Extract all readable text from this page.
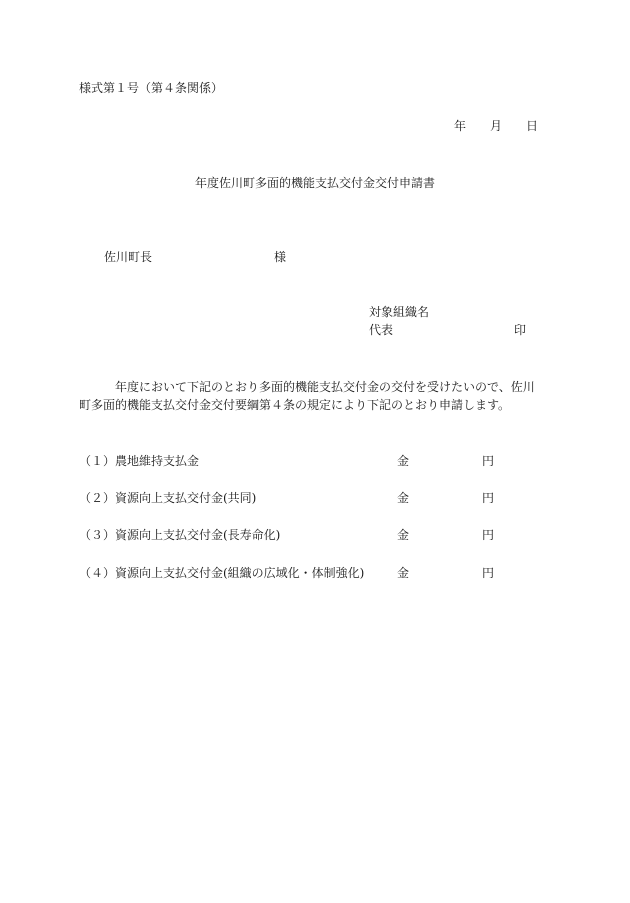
様式第１号（第４条関係）
年 月 日
年度佐川町多面的機能支払交付金交付申請書
佐川町長	様
対象組織名
代表	印
年度において下記のとおり多面的機能支払交付金の交付を受けたいので、佐川町多面的機能支払交付金交付要綱第４条の規定により下記のとおり申請します。
（１）農地維持支払金	金	円
（２）資源向上支払交付金(共同)	金	円
（３）資源向上支払交付金(長寿命化)	金	円
（４）資源向上支払交付金(組織の広域化・体制強化)	金	円
